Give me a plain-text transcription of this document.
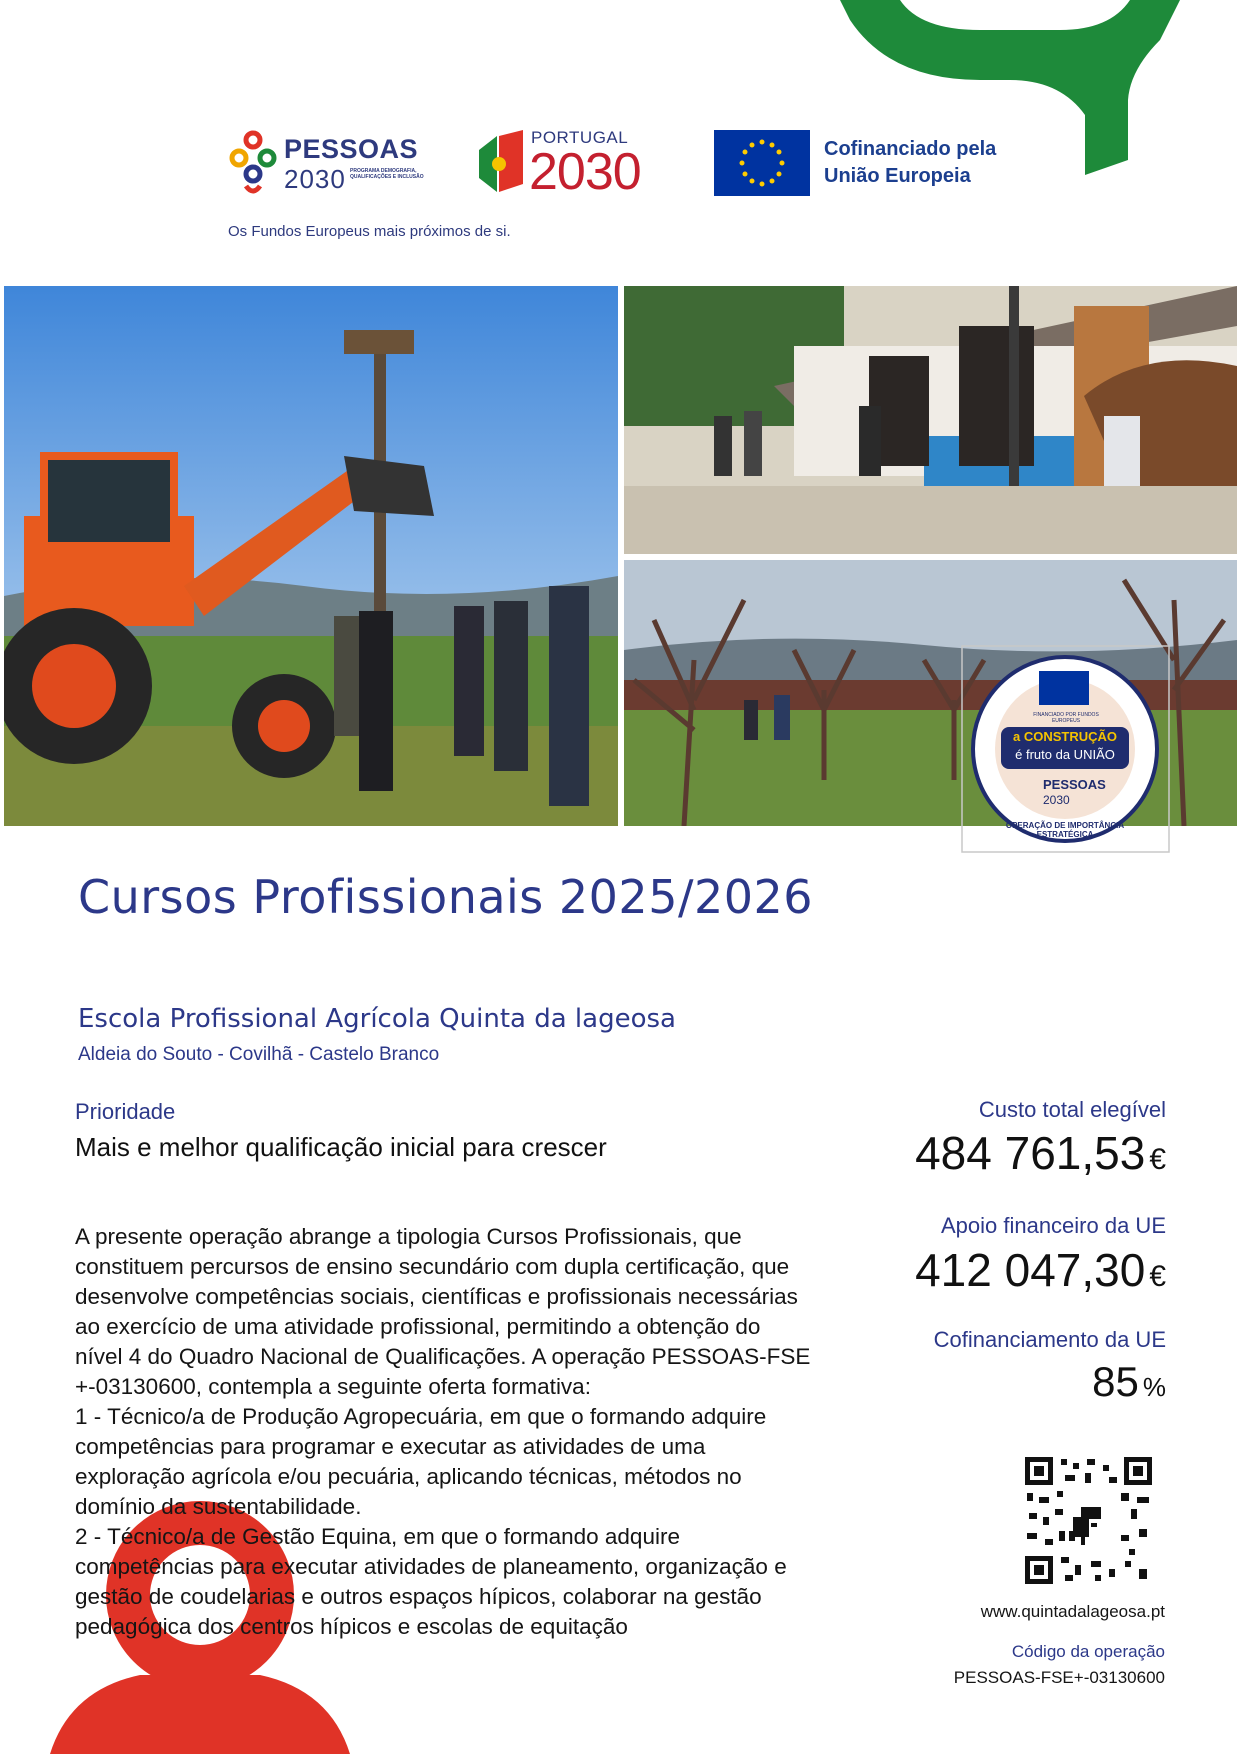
PESSOAS
2030 PROGRAMA DEMOGRAFIA, QUALIFICAÇÕES E INCLUSÃO
Os Fundos Europeus mais próximos de si.
PORTUGAL
2030	Cofinanciado pela
União Europeia
FINANCIADO POR FUNDOS EUROPEUS
a CONSTRUÇÃO
é fruto da UNIÃO
PESSOAS
2030
OPERAÇÃO DE IMPORTÂNCIA ESTRATÉGICA
Cursos Profissionais 2025/2026
Escola Profissional Agrícola Quinta da lageosa
Aldeia do Souto - Covilhã - Castelo Branco
Prioridade
Mais e melhor qualificação inicial para crescer
A presente operação abrange a tipologia Cursos Profissionais, que
constituem percursos de ensino secundário com dupla certificação, que
desenvolve competências sociais, científicas e profissionais necessárias
ao exercício de uma atividade profissional, permitindo a obtenção do
nível 4 do Quadro Nacional de Qualificações. A operação PESSOAS-FSE
+-03130600, contempla a seguinte oferta formativa:
1 - Técnico/a de Produção Agropecuária, em que o formando adquire
competências para programar e executar as atividades de uma
exploração agrícola e/ou pecuária, aplicando técnicas, métodos no
domínio da sustentabilidade.
2 - Técnico/a de Gestão Equina, em que o formando adquire
competências para executar atividades de planeamento, organização e
gestão de coudelarias e outros espaços hípicos, colaborar na gestão
pedagógica dos centros hípicos e escolas de equitação
Custo total elegível
484 761,53 €
Apoio financeiro da UE
412 047,30 €
Cofinanciamento da UE
85 %
www.quintadalageosa.pt
Código da operação
PESSOAS-FSE+-03130600
